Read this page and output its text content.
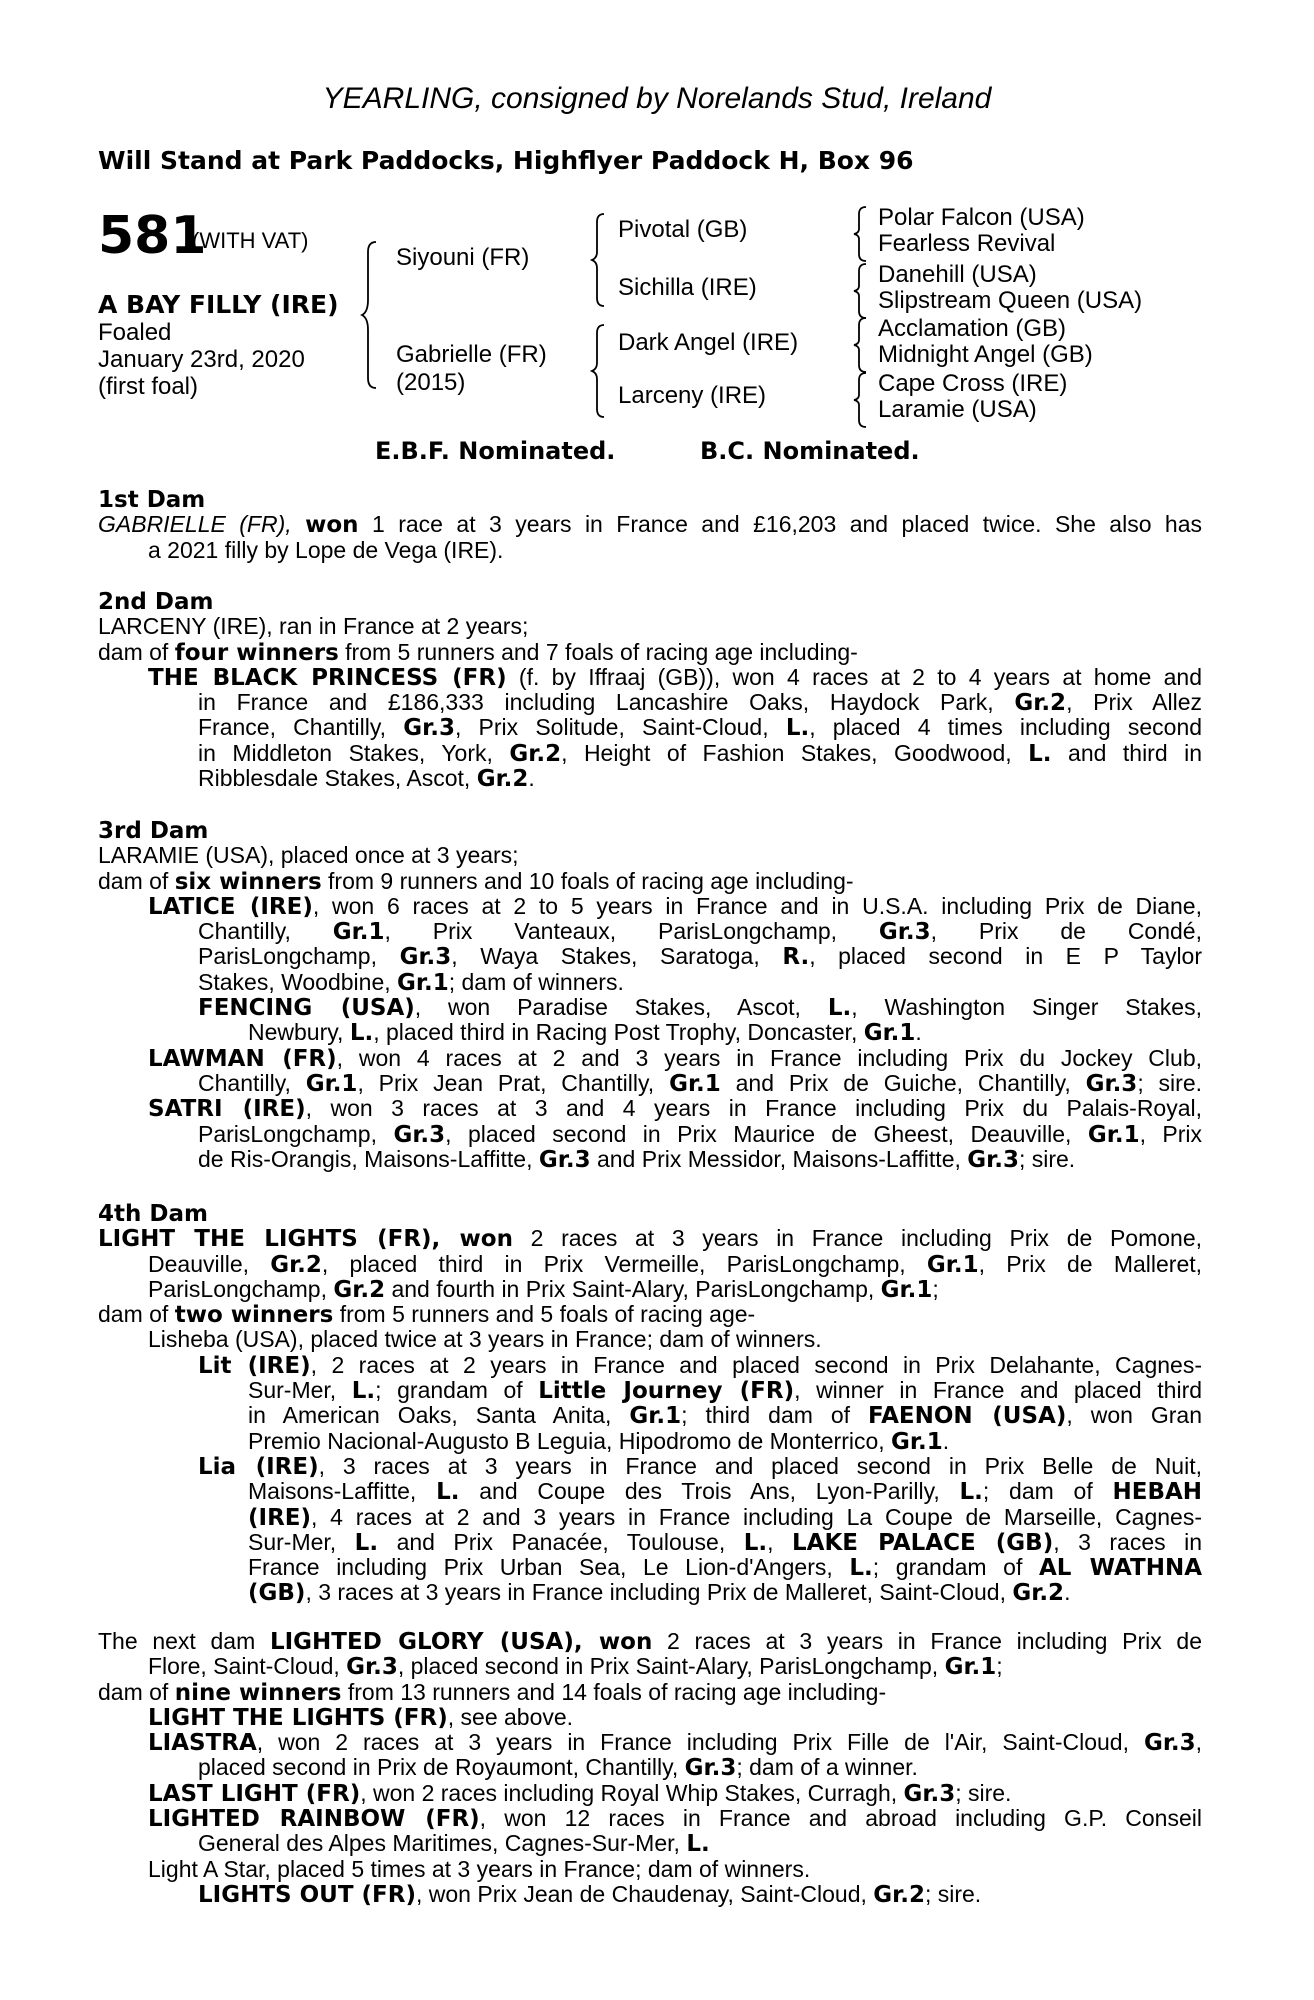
YEARLING, consigned by Norelands Stud, Ireland
Will Stand at Park Paddocks, Highflyer Paddock H, Box 96
581
(WITH VAT)
A BAY FILLY (IRE)
Foaled
January 23rd, 2020
(first foal)
Siyouni (FR)
Gabrielle (FR)
(2015)
Pivotal (GB)
Sichilla (IRE)
Dark Angel (IRE)
Larceny (IRE)
Polar Falcon (USA)
Fearless Revival
Danehill (USA)
Slipstream Queen (USA)
Acclamation (GB)
Midnight Angel (GB)
Cape Cross (IRE)
Laramie (USA)
E.B.F. Nominated.	B.C. Nominated.
1st Dam
GABRIELLE (FR), won 1 race at 3 years in France and £16,203 and placed twice. She also has
a 2021 filly by Lope de Vega (IRE).
2nd Dam
LARCENY (IRE), ran in France at 2 years;
dam of four winners from 5 runners and 7 foals of racing age including-
THE BLACK PRINCESS (FR) (f. by Iffraaj (GB)), won 4 races at 2 to 4 years at home and
in France and £186,333 including Lancashire Oaks, Haydock Park, Gr.2, Prix Allez
France, Chantilly, Gr.3, Prix Solitude, Saint-Cloud, L., placed 4 times including second
in Middleton Stakes, York, Gr.2, Height of Fashion Stakes, Goodwood, L. and third in
Ribblesdale Stakes, Ascot, Gr.2.
3rd Dam
LARAMIE (USA), placed once at 3 years;
dam of six winners from 9 runners and 10 foals of racing age including-
LATICE (IRE), won 6 races at 2 to 5 years in France and in U.S.A. including Prix de Diane,
Chantilly, Gr.1, Prix Vanteaux, ParisLongchamp, Gr.3, Prix de Condé,
ParisLongchamp, Gr.3, Waya Stakes, Saratoga, R., placed second in E P Taylor
Stakes, Woodbine, Gr.1; dam of winners.
FENCING (USA), won Paradise Stakes, Ascot, L., Washington Singer Stakes,
Newbury, L., placed third in Racing Post Trophy, Doncaster, Gr.1.
LAWMAN (FR), won 4 races at 2 and 3 years in France including Prix du Jockey Club,
Chantilly, Gr.1, Prix Jean Prat, Chantilly, Gr.1 and Prix de Guiche, Chantilly, Gr.3; sire.
SATRI (IRE), won 3 races at 3 and 4 years in France including Prix du Palais-Royal,
ParisLongchamp, Gr.3, placed second in Prix Maurice de Gheest, Deauville, Gr.1, Prix
de Ris-Orangis, Maisons-Laffitte, Gr.3 and Prix Messidor, Maisons-Laffitte, Gr.3; sire.
4th Dam
LIGHT THE LIGHTS (FR), won 2 races at 3 years in France including Prix de Pomone,
Deauville, Gr.2, placed third in Prix Vermeille, ParisLongchamp, Gr.1, Prix de Malleret,
ParisLongchamp, Gr.2 and fourth in Prix Saint-Alary, ParisLongchamp, Gr.1;
dam of two winners from 5 runners and 5 foals of racing age-
Lisheba (USA), placed twice at 3 years in France; dam of winners.
Lit (IRE), 2 races at 2 years in France and placed second in Prix Delahante, Cagnes-
Sur-Mer, L.; grandam of Little Journey (FR), winner in France and placed third
in American Oaks, Santa Anita, Gr.1; third dam of FAENON (USA), won Gran
Premio Nacional-Augusto B Leguia, Hipodromo de Monterrico, Gr.1.
Lia (IRE), 3 races at 3 years in France and placed second in Prix Belle de Nuit,
Maisons-Laffitte, L. and Coupe des Trois Ans, Lyon-Parilly, L.; dam of HEBAH
(IRE), 4 races at 2 and 3 years in France including La Coupe de Marseille, Cagnes-
Sur-Mer, L. and Prix Panacée, Toulouse, L., LAKE PALACE (GB), 3 races in
France including Prix Urban Sea, Le Lion-d'Angers, L.; grandam of AL WATHNA
(GB), 3 races at 3 years in France including Prix de Malleret, Saint-Cloud, Gr.2.
The next dam LIGHTED GLORY (USA), won 2 races at 3 years in France including Prix de
Flore, Saint-Cloud, Gr.3, placed second in Prix Saint-Alary, ParisLongchamp, Gr.1;
dam of nine winners from 13 runners and 14 foals of racing age including-
LIGHT THE LIGHTS (FR), see above.
LIASTRA, won 2 races at 3 years in France including Prix Fille de l'Air, Saint-Cloud, Gr.3,
placed second in Prix de Royaumont, Chantilly, Gr.3; dam of a winner.
LAST LIGHT (FR), won 2 races including Royal Whip Stakes, Curragh, Gr.3; sire.
LIGHTED RAINBOW (FR), won 12 races in France and abroad including G.P. Conseil
General des Alpes Maritimes, Cagnes-Sur-Mer, L.
Light A Star, placed 5 times at 3 years in France; dam of winners.
LIGHTS OUT (FR), won Prix Jean de Chaudenay, Saint-Cloud, Gr.2; sire.
